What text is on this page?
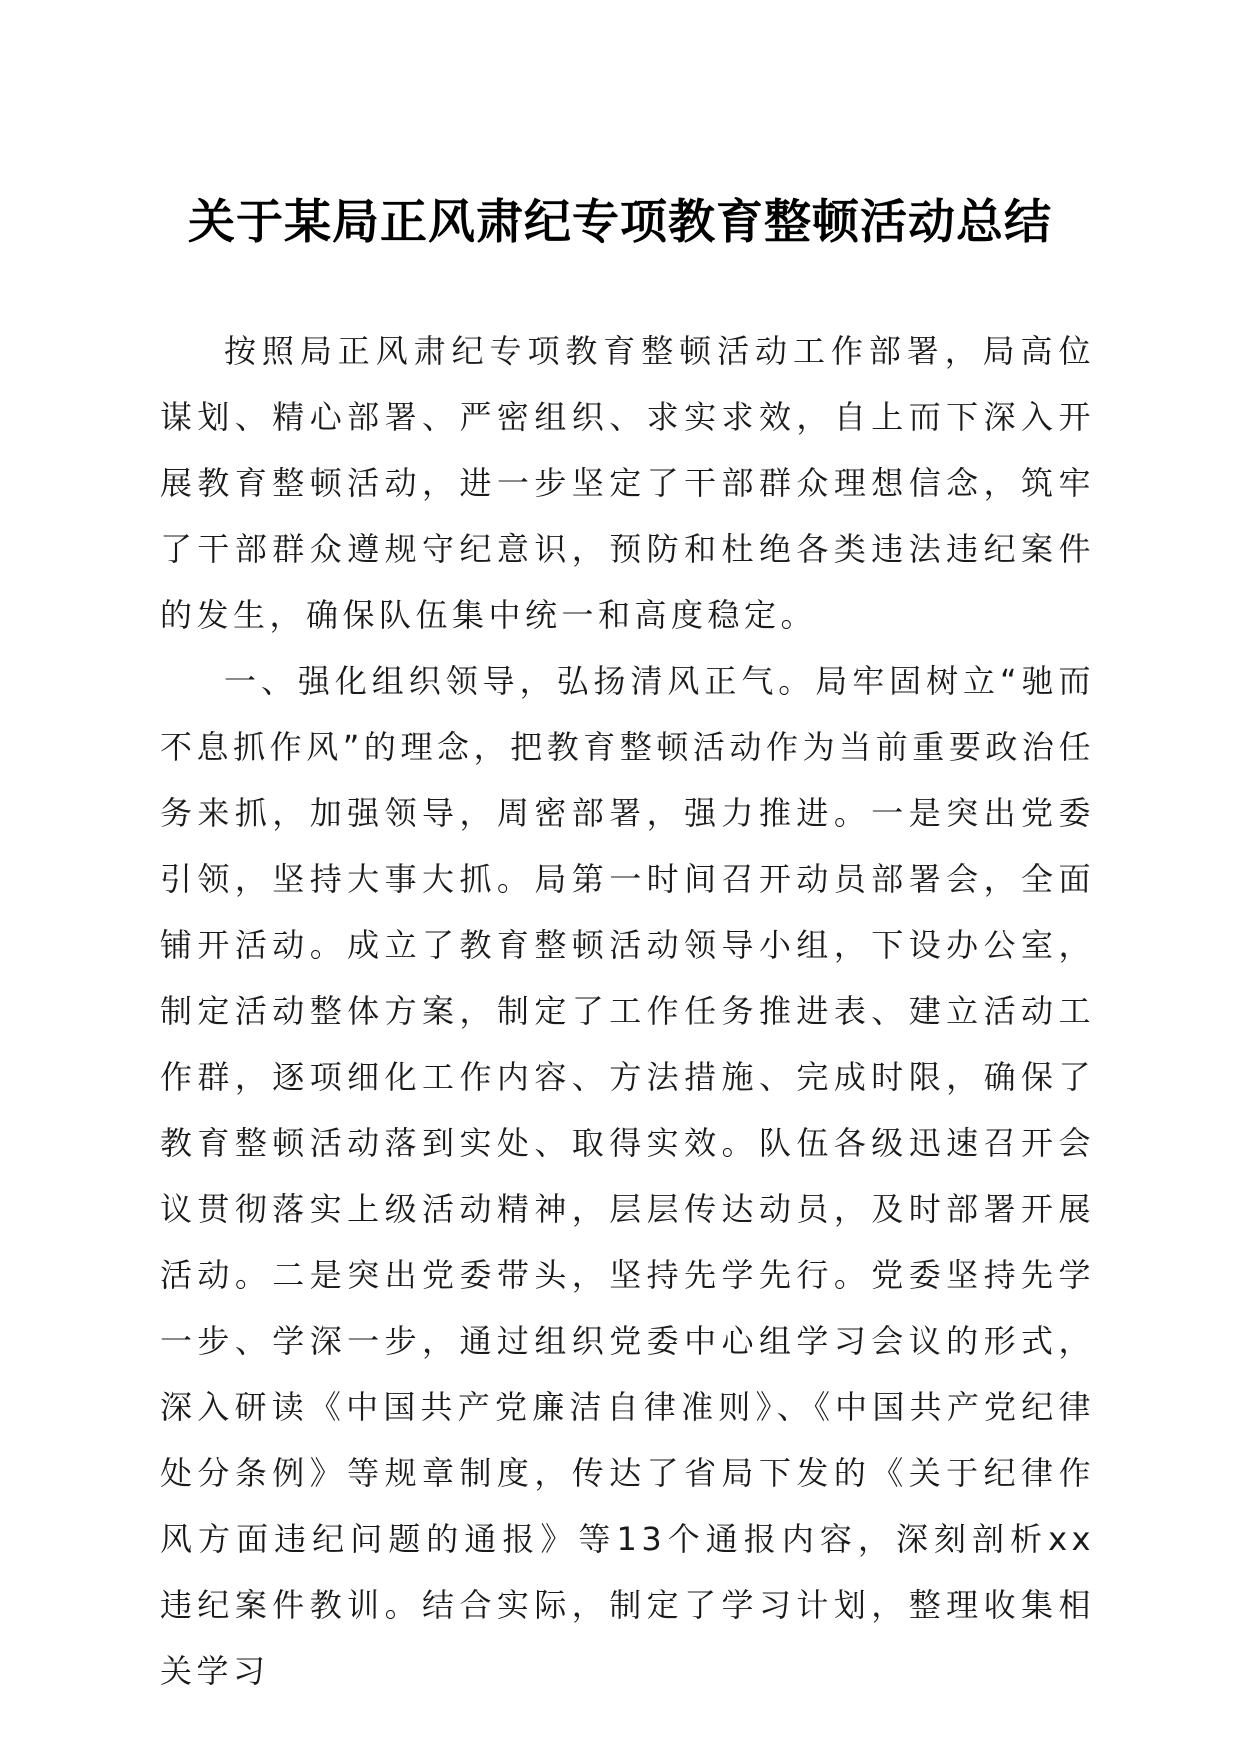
关于某局正风肃纪专项教育整顿活动总结

按照局正风肃纪专项教育整顿活动工作部署，局高位谋划、精心部署、严密组织、求实求效，自上而下深入开展教育整顿活动，进一步坚定了干部群众理想信念，筑牢了干部群众遵规守纪意识，预防和杜绝各类违法违纪案件的发生，确保队伍集中统一和高度稳定。

一、强化组织领导，弘扬清风正气。局牢固树立“驰而不息抓作风”的理念，把教育整顿活动作为当前重要政治任务来抓，加强领导，周密部署，强力推进。一是突出党委引领，坚持大事大抓。局第一时间召开动员部署会，全面铺开活动。成立了教育整顿活动领导小组，下设办公室，制定活动整体方案，制定了工作任务推进表、建立活动工作群，逐项细化工作内容、方法措施、完成时限，确保了教育整顿活动落到实处、取得实效。队伍各级迅速召开会议贯彻落实上级活动精神，层层传达动员，及时部署开展活动。二是突出党委带头，坚持先学先行。党委坚持先学一步、学深一步，通过组织党委中心组学习会议的形式，深入研读《中国共产党廉洁自律准则》、《中国共产党纪律处分条例》等规章制度，传达了省局下发的《关于纪律作风方面违纪问题的通报》等13个通报内容，深刻剖析xx违纪案件教训。结合实际，制定了学习计划，整理收集相关学习
